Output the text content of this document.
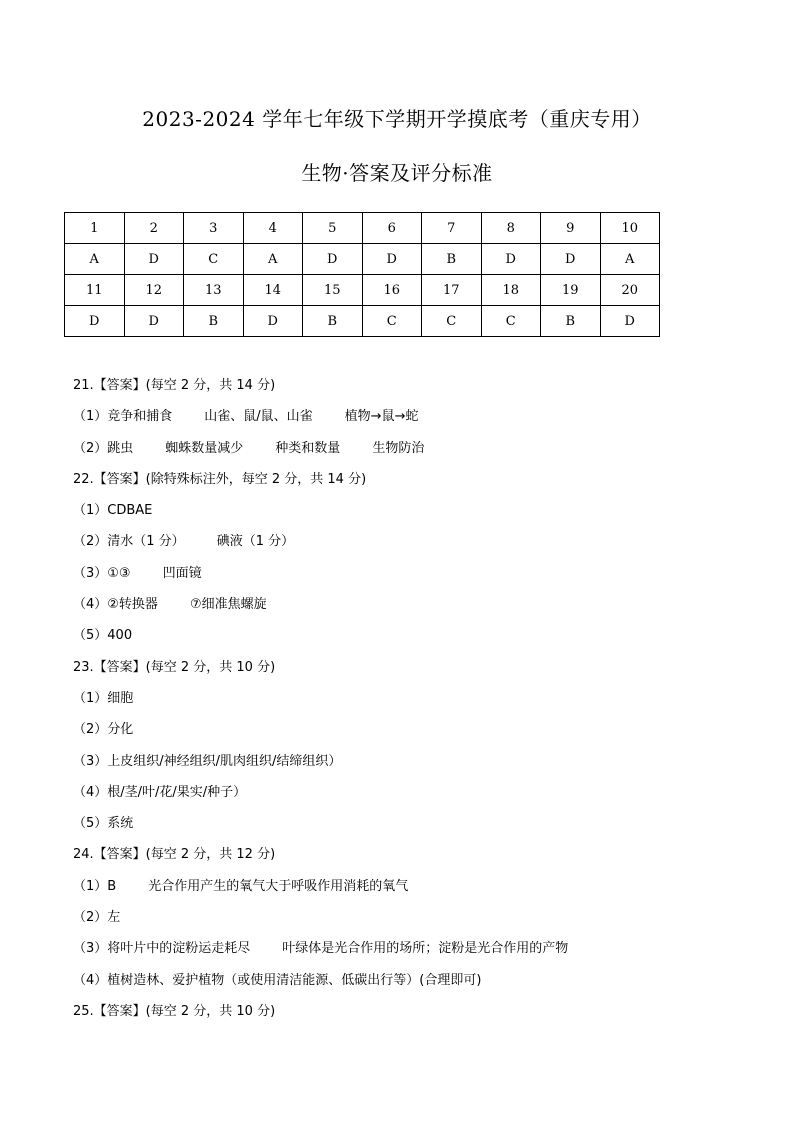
2023-2024 学年七年级下学期开学摸底考（重庆专用）
生物·答案及评分标准
1	2	3	4	5	6	7	8	9	10
A	D	C	A	D	D	B	D	D	A
11	12	13	14	15	16	17	18	19	20
D	D	B	D	B	C	C	C	B	D
21.【答案】(每空 2 分，共 14 分)
（1）竞争和捕食 山雀、鼠/鼠、山雀 植物→鼠→蛇
（2）跳虫 蜘蛛数量减少 种类和数量 生物防治
22.【答案】(除特殊标注外，每空 2 分，共 14 分)
（1）CDBAE
（2）清水（1 分） 碘液（1 分）
（3）①③ 凹面镜
（4）②转换器 ⑦细准焦螺旋
（5）400
23.【答案】(每空 2 分，共 10 分)
（1）细胞
（2）分化
（3）上皮组织/神经组织/肌肉组织/结缔组织）
（4）根/茎/叶/花/果实/种子）
（5）系统
24.【答案】(每空 2 分，共 12 分)
（1）B 光合作用产生的氧气大于呼吸作用消耗的氧气
（2）左
（3）将叶片中的淀粉运走耗尽 叶绿体是光合作用的场所；淀粉是光合作用的产物
（4）植树造林、爱护植物（或使用清洁能源、低碳出行等）(合理即可)
25.【答案】(每空 2 分，共 10 分)
